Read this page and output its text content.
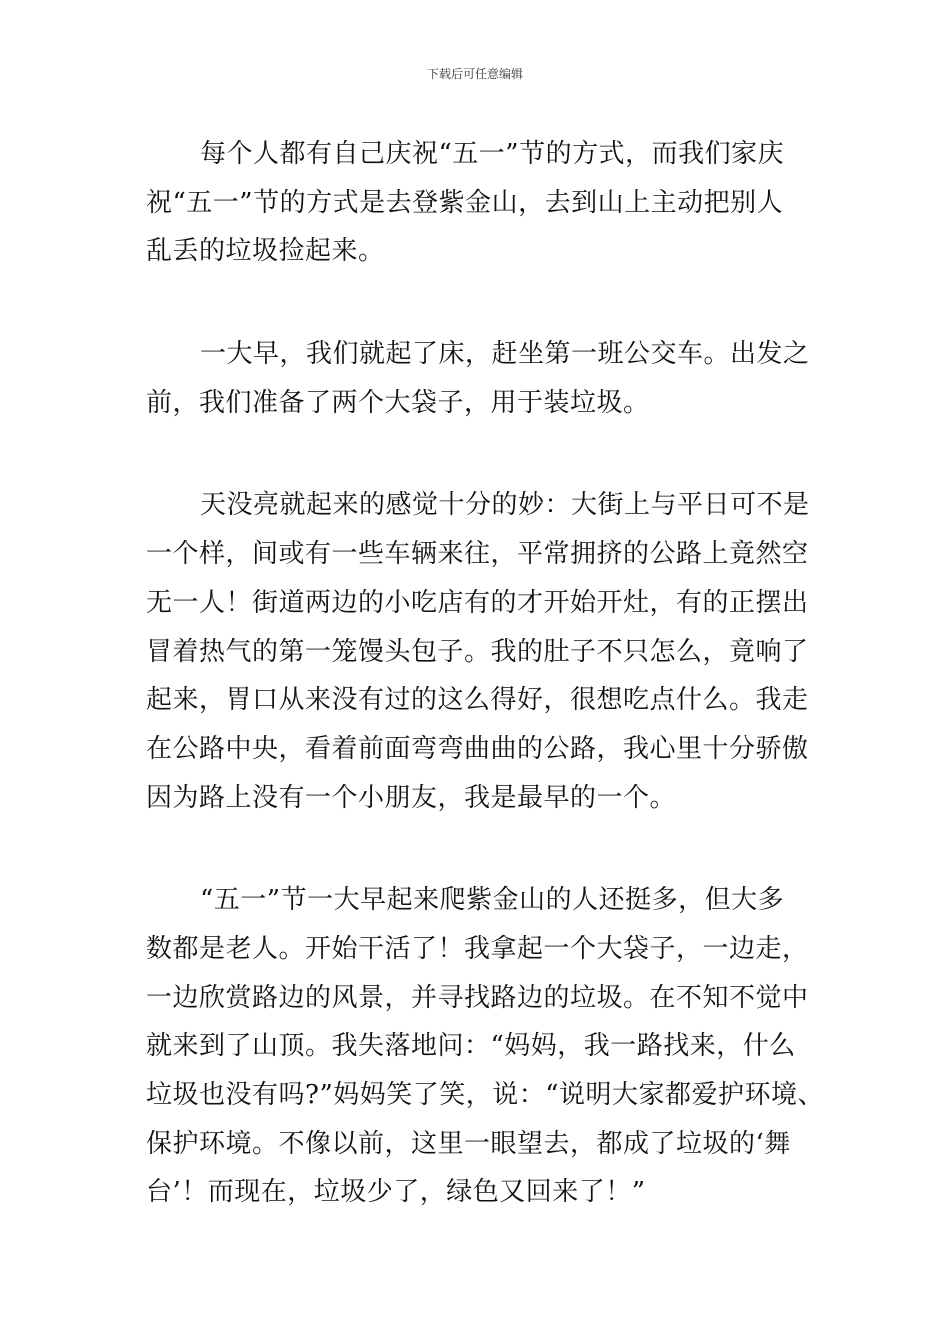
下载后可任意编辑

每个人都有自己庆祝“五一”节的方式，而我们家庆
祝“五一”节的方式是去登紫金山，去到山上主动把别人
乱丢的垃圾捡起来。

一大早，我们就起了床，赶坐第一班公交车。出发之
前，我们准备了两个大袋子，用于装垃圾。

天没亮就起来的感觉十分的妙：大街上与平日可不是
一个样，间或有一些车辆来往，平常拥挤的公路上竟然空
无一人！街道两边的小吃店有的才开始开灶，有的正摆出
冒着热气的第一笼馒头包子。我的肚子不只怎么，竟响了
起来，胃口从来没有过的这么得好，很想吃点什么。我走
在公路中央，看着前面弯弯曲曲的公路，我心里十分骄傲
因为路上没有一个小朋友，我是最早的一个。

“五一”节一大早起来爬紫金山的人还挺多，但大多
数都是老人。开始干活了！我拿起一个大袋子，一边走，
一边欣赏路边的风景，并寻找路边的垃圾。在不知不觉中
就来到了山顶。我失落地问：“妈妈，我一路找来，什么
垃圾也没有吗?”妈妈笑了笑，说：“说明大家都爱护环境、
保护环境。不像以前，这里一眼望去，都成了垃圾的‘舞
台’！而现在，垃圾少了，绿色又回来了！”
